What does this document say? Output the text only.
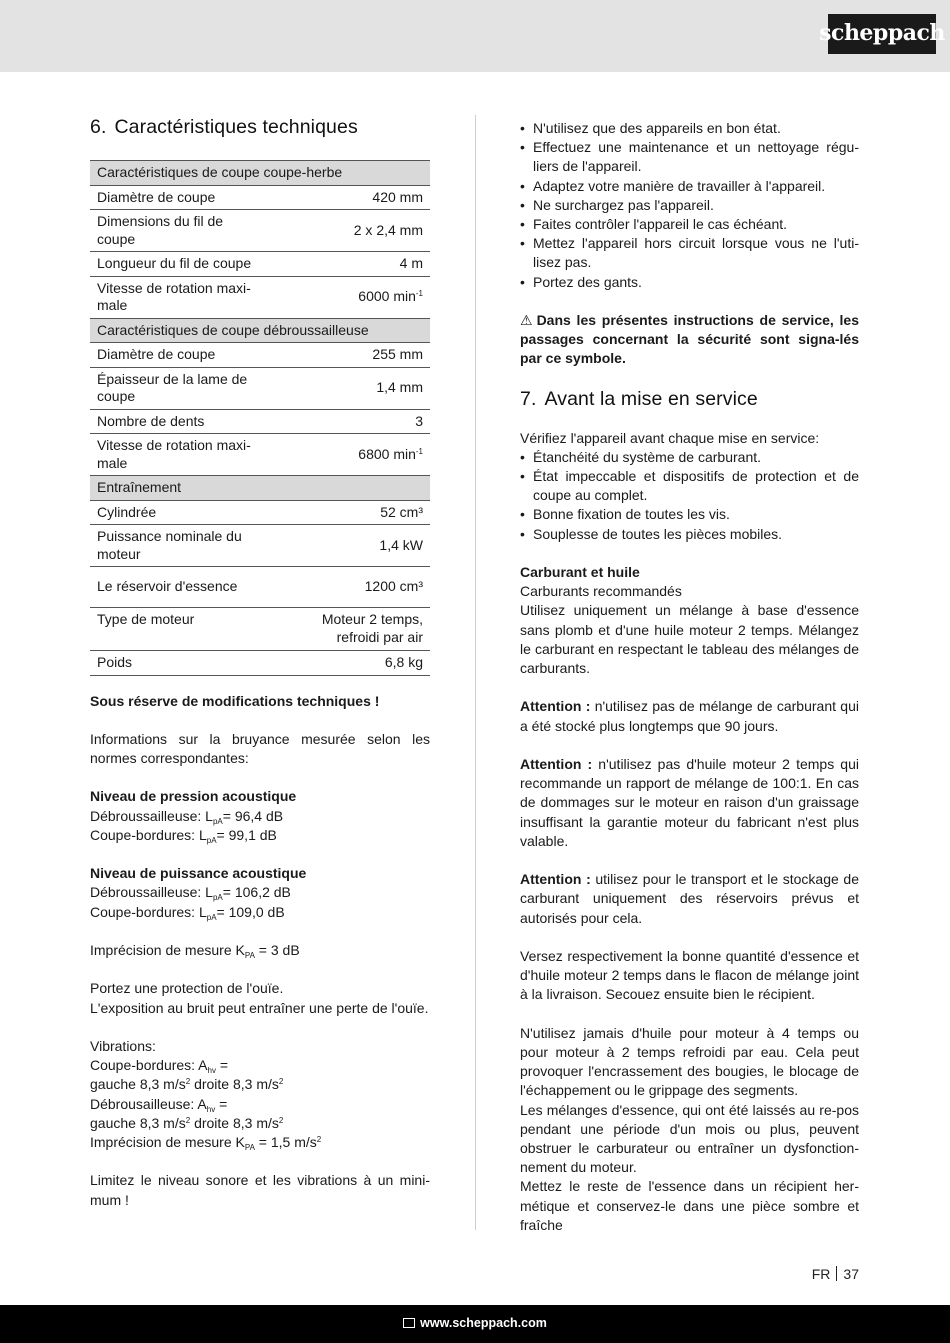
scheppach
6. Caractéristiques techniques
Caractéristiques de coupe coupe-herbe	
Diamètre de coupe	420 mm
Dimensions du fil de coupe	2 x 2,4 mm
Longueur du fil de coupe	4 m
Vitesse de rotation maxi-male	6000 $\min^{-1}$
Caractéristiques de coupe débroussailleuse	
Diamètre de coupe	255 mm
Épaisseur de la lame de coupe	1,4 mm
Nombre de dents	3
Vitesse de rotation maxi-male	6800 $\min^{-1}$
Entraînement	
Cylindrée	52 cm³
Puissance nominale du moteur	1,4 kW
Le réservoir d'essence	1200 cm³
Type de moteur	Moteur 2 temps,
refroidi par air
Poids	6,8 kg

Sous réserve de modifications techniques !

Informations sur la bruyance mesurée selon les normes correspondantes:

Niveau de pression acoustique

Débroussailleuse: $L_{pA}= 96,4$ dB

Coupe-bordures: $L_{pA}= 99,1$ dB

Niveau de puissance acoustique

Débroussailleuse: $L_{pA}= 106,2$ dB

Coupe-bordures: $L_{pA}= 109,0$ dB

Imprécision de mesure $K_{PA} = 3$ dB

Portez une protection de l'ouïe.

L'exposition au bruit peut entraîner une perte de l'ouïe.

Vibrations:

Coupe-bordures: $A_{hv}$ =

gauche 8,3 $m/s^2$ droite 8,3 $m/s^2$

Débrousailleuse: $A_{hv}$ =

gauche 8,3 $m/s^2$ droite 8,3 $m/s^2$

Imprécision de mesure $K_{PA} = 1,5$ $m/s^2$

Limitez le niveau sonore et les vibrations à un mini-mum !

• N'utilisez que des appareils en bon état.
• Effectuez une maintenance et un nettoyage régu-liers de l'appareil.
• Adaptez votre manière de travailler à l'appareil.
• Ne surchargez pas l'appareil.
• Faites contrôler l'appareil le cas échéant.
• Mettez l'appareil hors circuit lorsque vous ne l'uti-lisez pas.
• Portez des gants.

⚠ Dans les présentes instructions de service, les passages concernant la sécurité sont signa-lés par ce symbole.

7. Avant la mise en service

Vérifiez l'appareil avant chaque mise en service:

• Étanchéité du système de carburant.
• État impeccable et dispositifs de protection et de coupe au complet.
• Bonne fixation de toutes les vis.
• Souplesse de toutes les pièces mobiles.

Carburant et huile

Carburants recommandés

Utilisez uniquement un mélange à base d'essence sans plomb et d'une huile moteur 2 temps. Mélangez le carburant en respectant le tableau des mélanges de carburants.

Attention : n'utilisez pas de mélange de carburant qui a été stocké plus longtemps que 90 jours.

Attention : n'utilisez pas d'huile moteur 2 temps qui recommande un rapport de mélange de 100:1. En cas de dommages sur le moteur en raison d'un graissage insuffisant la garantie moteur du fabricant n'est plus valable.

Attention : utilisez pour le transport et le stockage de carburant uniquement des réservoirs prévus et autorisés pour cela.

Versez respectivement la bonne quantité d'essence et d'huile moteur 2 temps dans le flacon de mélange joint à la livraison. Secouez ensuite bien le récipient.

N'utilisez jamais d'huile pour moteur à 4 temps ou pour moteur à 2 temps refroidi par eau. Cela peut provoquer l'encrassement des bougies, le blocage de l'échappement ou le grippage des segments.

Les mélanges d'essence, qui ont été laissés au re-pos pendant une période d'un mois ou plus, peuvent obstruer le carburateur ou entraîner un dysfonction-nement du moteur.

Mettez le reste de l'essence dans un récipient her-métique et conservez-le dans une pièce sombre et fraîche

FR 37
www.scheppach.com
